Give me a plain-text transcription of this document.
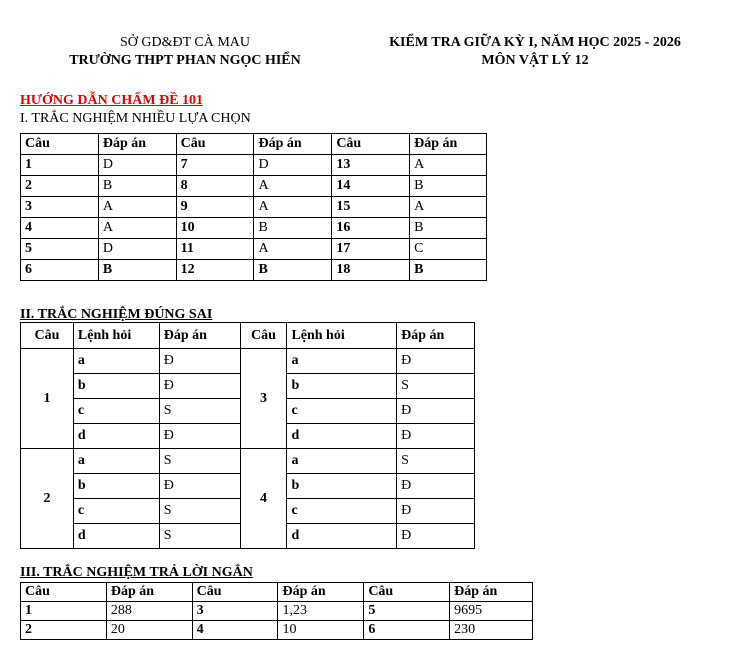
SỞ GD&ĐT CÀ MAU
TRƯỜNG THPT PHAN NGỌC HIỂN
KIỂM TRA GIỮA KỲ I, NĂM HỌC 2025 - 2026
MÔN VẬT LÝ 12
HƯỚNG DẪN CHẤM ĐỀ 101
I. TRẮC NGHIỆM NHIỀU LỰA CHỌN
Câu	Đáp án	Câu	Đáp án	Câu	Đáp án
1	D	7	D	13	A
2	B	8	A	14	B
3	A	9	A	15	A
4	A	10	B	16	B
5	D	11	A	17	C
6	B	12	B	18	B
II. TRẮC NGHIỆM ĐÚNG SAI
Câu	Lệnh hỏi	Đáp án	Câu	Lệnh hỏi	Đáp án
1	a	Đ	3	a	Đ
	b	Đ		b	S
	c	S		c	Đ
	d	Đ		d	Đ
2	a	S	4	a	S
	b	Đ		b	Đ
	c	S		c	Đ
	d	S		d	Đ
III. TRẮC NGHIỆM TRẢ LỜI NGẮN
Câu	Đáp án	Câu	Đáp án	Câu	Đáp án
1	288	3	1,23	5	9695
2	20	4	10	6	230
